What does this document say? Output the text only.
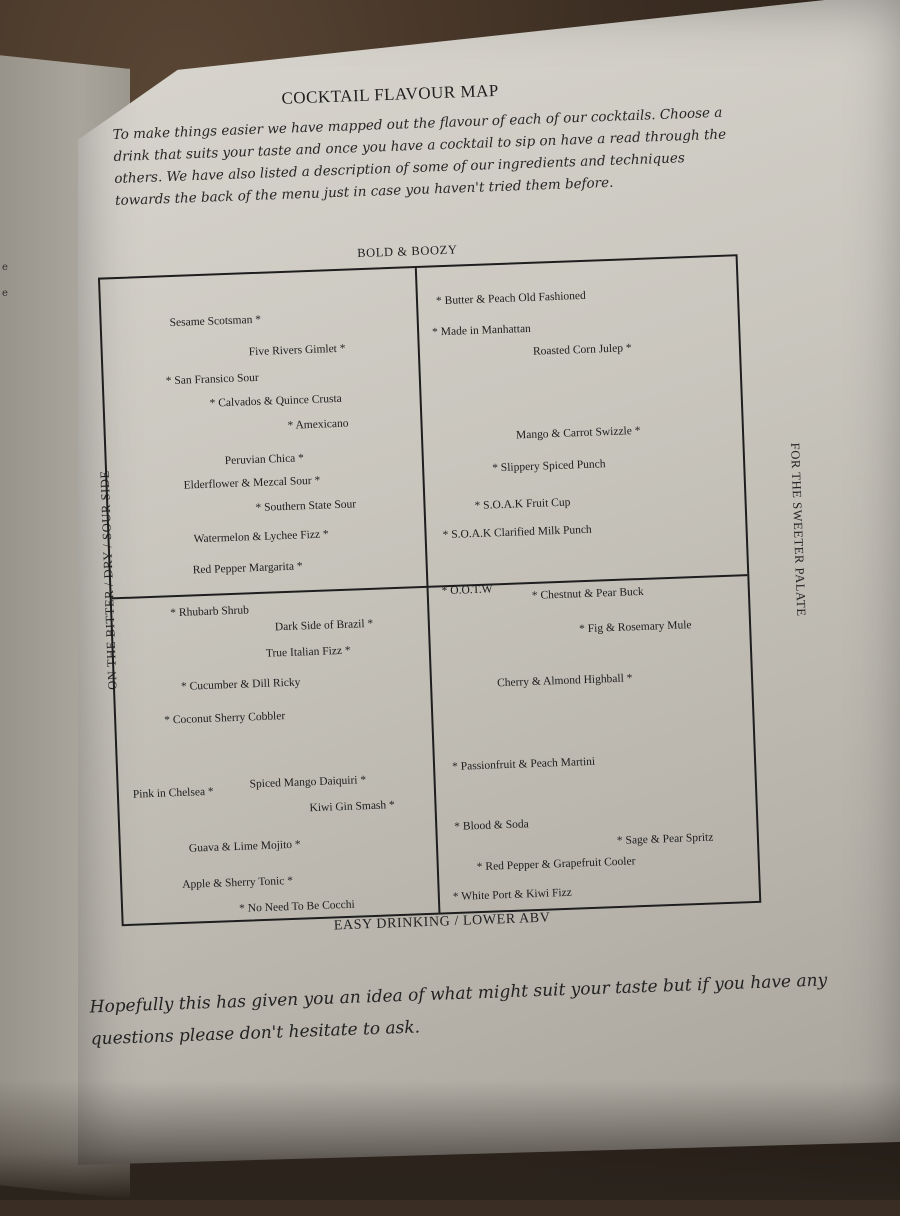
e
e
COCKTAIL FLAVOUR MAP
To make things easier we have mapped out the flavour of each of our cocktails. Choose a drink that suits your taste and once you have a cocktail to sip on have a read through the others. We have also listed a description of some of our ingredients and techniques towards the back of the menu just in case you haven't tried them before.
BOLD & BOOZY
EASY DRINKING / LOWER ABV
ON THE BITTER / DRY / SOUR SIDE	FOR THE SWEETER PALATE
Sesame Scotsman *
Five Rivers Gimlet *
* San Fransico Sour
* Calvados & Quince Crusta
* Amexicano
Peruvian Chica *
Elderflower & Mezcal Sour *
* Southern State Sour
Watermelon & Lychee Fizz *
Red Pepper Margarita *
* Butter & Peach Old Fashioned
* Made in Manhattan
Roasted Corn Julep *
Mango & Carrot Swizzle *
* Slippery Spiced Punch
* S.O.A.K Fruit Cup
* S.O.A.K Clarified Milk Punch
* Rhubarb Shrub
Dark Side of Brazil *
True Italian Fizz *
* Cucumber & Dill Ricky
* Coconut Sherry Cobbler
Pink in Chelsea *
Spiced Mango Daiquiri *
Kiwi Gin Smash *
Guava & Lime Mojito *
Apple & Sherry Tonic *
* No Need To Be Cocchi
* O.O.T.W	* Chestnut & Pear Buck
* Fig & Rosemary Mule
Cherry & Almond Highball *
* Passionfruit & Peach Martini
* Blood & Soda
* Sage & Pear Spritz
* Red Pepper & Grapefruit Cooler
* White Port & Kiwi Fizz
Hopefully this has given you an idea of what might suit your taste but if you have any questions please don't hesitate to ask.
